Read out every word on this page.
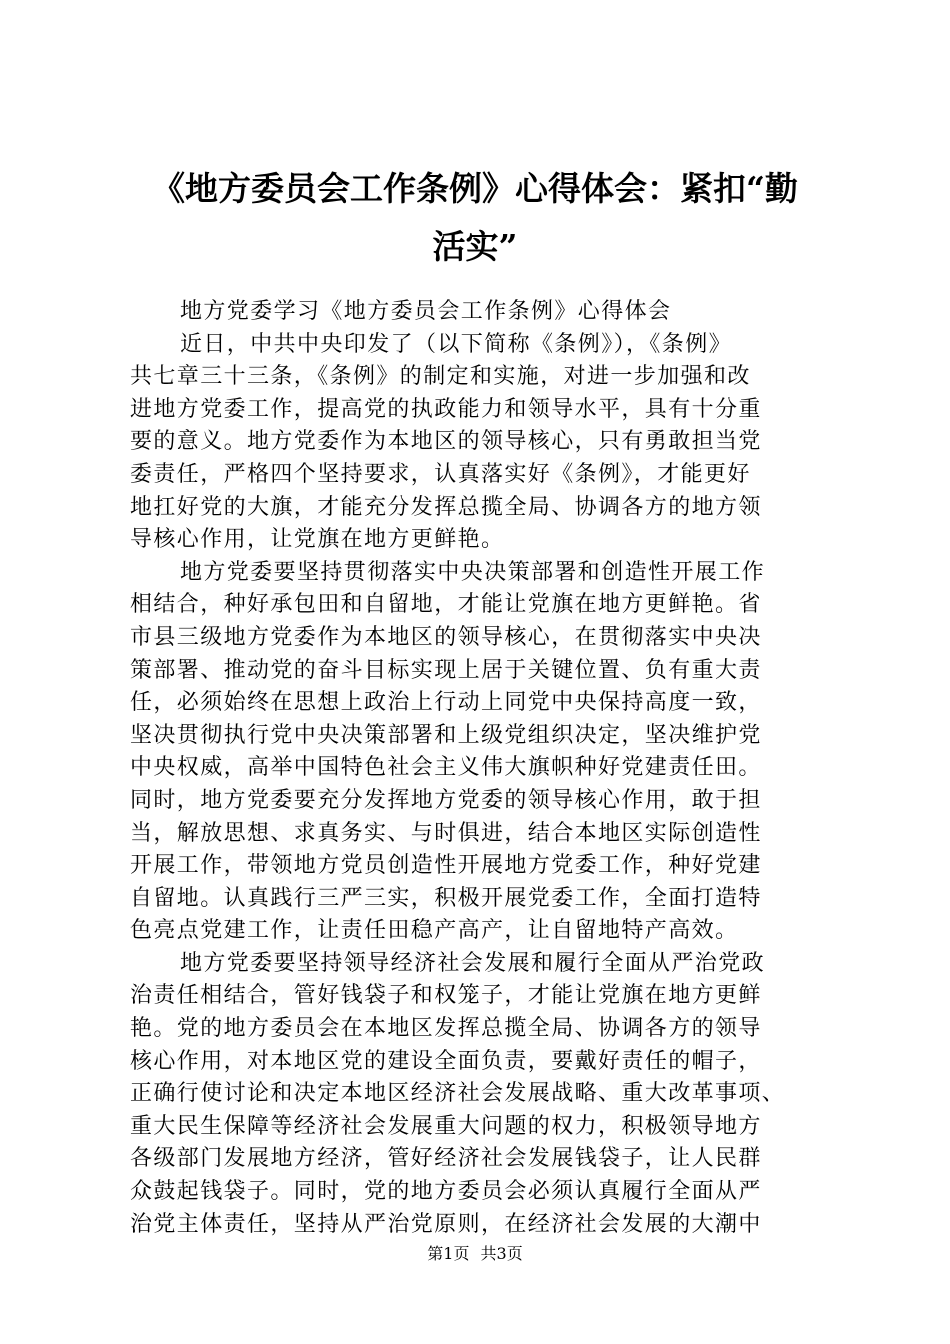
《地方委员会工作条例》心得体会：紧扣“勤
活实”
地方党委学习《地方委员会工作条例》心得体会
近日，中共中央印发了（以下简称《条例》），《条例》
共七章三十三条，《条例》的制定和实施，对进一步加强和改
进地方党委工作，提高党的执政能力和领导水平，具有十分重
要的意义。地方党委作为本地区的领导核心，只有勇敢担当党
委责任，严格四个坚持要求，认真落实好《条例》，才能更好
地扛好党的大旗，才能充分发挥总揽全局、协调各方的地方领
导核心作用，让党旗在地方更鲜艳。
地方党委要坚持贯彻落实中央决策部署和创造性开展工作
相结合，种好承包田和自留地，才能让党旗在地方更鲜艳。省
市县三级地方党委作为本地区的领导核心，在贯彻落实中央决
策部署、推动党的奋斗目标实现上居于关键位置、负有重大责
任，必须始终在思想上政治上行动上同党中央保持高度一致，
坚决贯彻执行党中央决策部署和上级党组织决定，坚决维护党
中央权威，高举中国特色社会主义伟大旗帜种好党建责任田。
同时，地方党委要充分发挥地方党委的领导核心作用，敢于担
当，解放思想、求真务实、与时俱进，结合本地区实际创造性
开展工作，带领地方党员创造性开展地方党委工作，种好党建
自留地。认真践行三严三实，积极开展党委工作，全面打造特
色亮点党建工作，让责任田稳产高产，让自留地特产高效。
地方党委要坚持领导经济社会发展和履行全面从严治党政
治责任相结合，管好钱袋子和权笼子，才能让党旗在地方更鲜
艳。党的地方委员会在本地区发挥总揽全局、协调各方的领导
核心作用，对本地区党的建设全面负责，要戴好责任的帽子，
正确行使讨论和决定本地区经济社会发展战略、重大改革事项、
重大民生保障等经济社会发展重大问题的权力，积极领导地方
各级部门发展地方经济，管好经济社会发展钱袋子，让人民群
众鼓起钱袋子。同时，党的地方委员会必须认真履行全面从严
治党主体责任，坚持从严治党原则，在经济社会发展的大潮中
第1页 共3页
